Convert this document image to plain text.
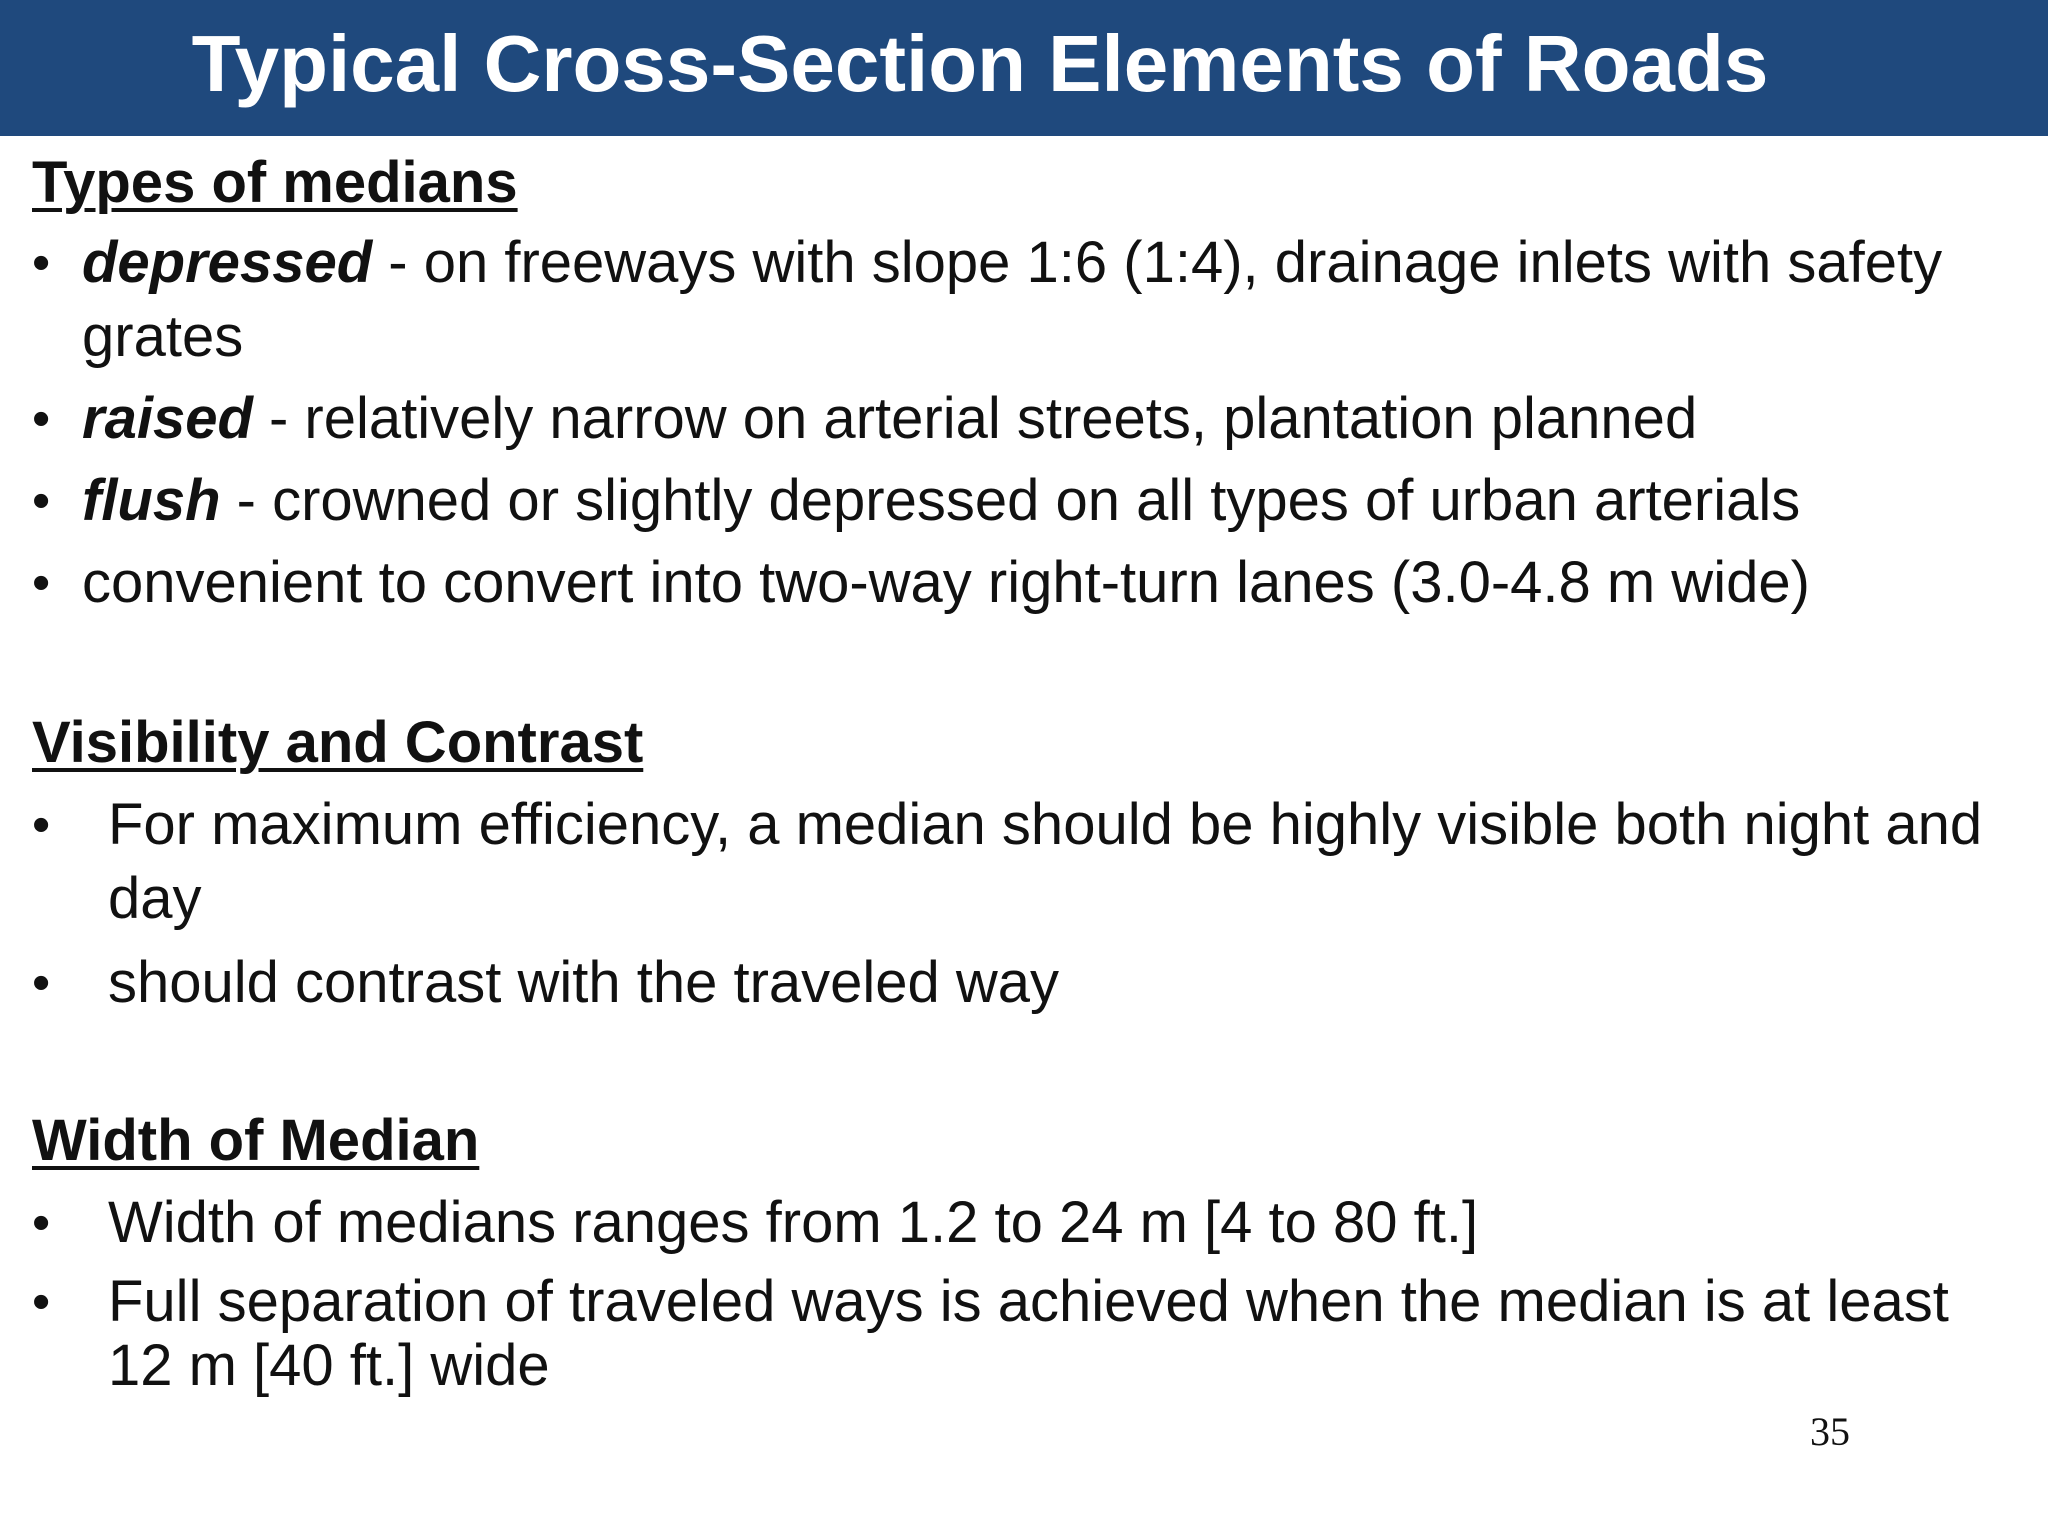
Typical Cross-Section Elements of Roads
Types of medians
• depressed - on freeways with slope 1:6 (1:4), drainage inlets with safety grates
• raised - relatively narrow on arterial streets, plantation planned
• flush - crowned or slightly depressed on all types of urban arterials
• convenient to convert into two-way right-turn lanes (3.0-4.8 m wide)
Visibility and Contrast
• For maximum efficiency, a median should be highly visible both night and day
• should contrast with the traveled way
Width of Median
• Width of medians ranges from 1.2 to 24 m [4 to 80 ft.]
• Full separation of traveled ways is achieved when the median is at least 12 m [40 ft.] wide
35
